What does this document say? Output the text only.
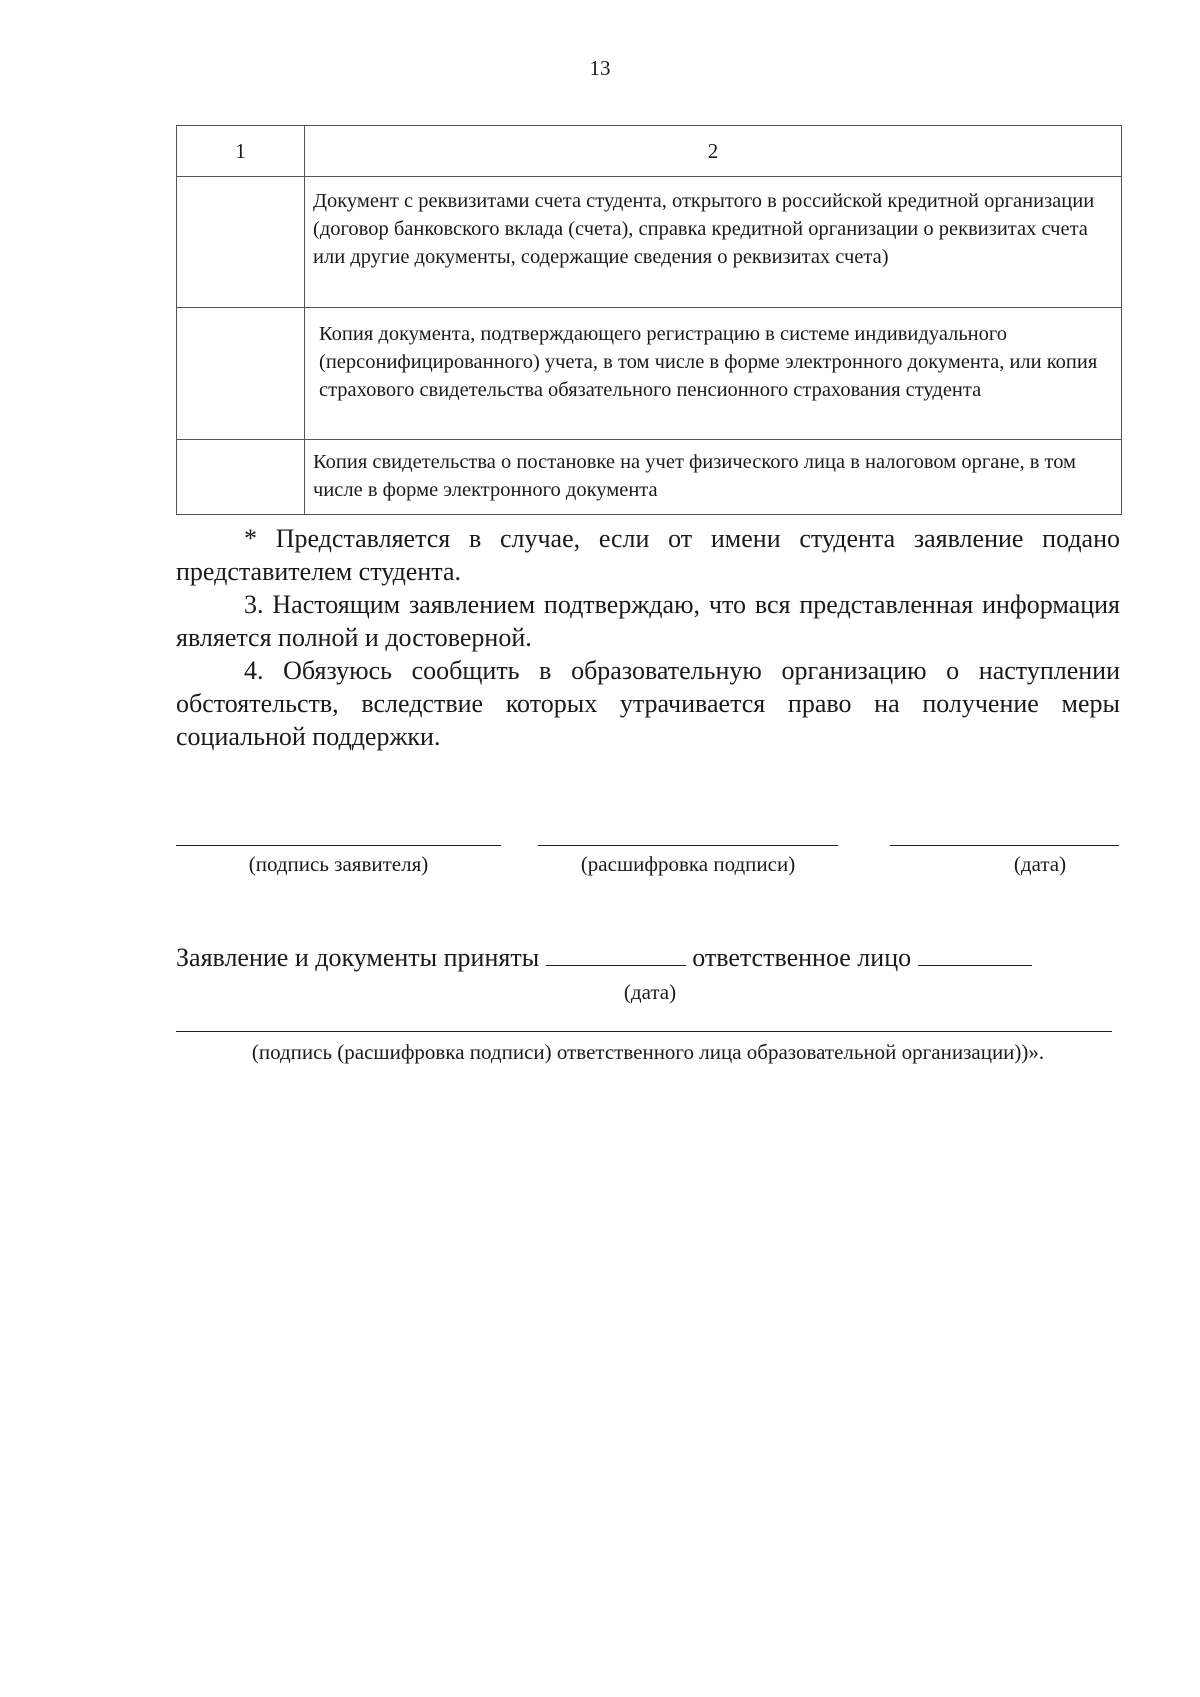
13
1	2

	Документ с реквизитами счета студента, открытого в российской кредитной организации (договор банковского вклада (счета), справка кредитной организации о реквизитах счета или другие документы, содержащие сведения о реквизитах счета)

	Копия документа, подтверждающего регистрацию в системе индивидуального (персонифицированного) учета, в том числе в форме электронного документа, или копия страхового свидетельства обязательного пенсионного страхования студента

	Копия свидетельства о постановке на учет физического лица в налоговом органе, в том числе в форме электронного документа

* Представляется в случае, если от имени студента заявление подано представителем студента.

3. Настоящим заявлением подтверждаю, что вся представленная информация является полной и достоверной.

4. Обязуюсь сообщить в образовательную организацию о наступлении обстоятельств, вследствие которых утрачивается право на получение меры социальной поддержки.

(подпись заявителя)	(расшифровка подписи)	(дата)
Заявление и документы приняты	ответственное лицо
(дата)
(подпись (расшифровка подписи) ответственного лица образовательной организации))».
